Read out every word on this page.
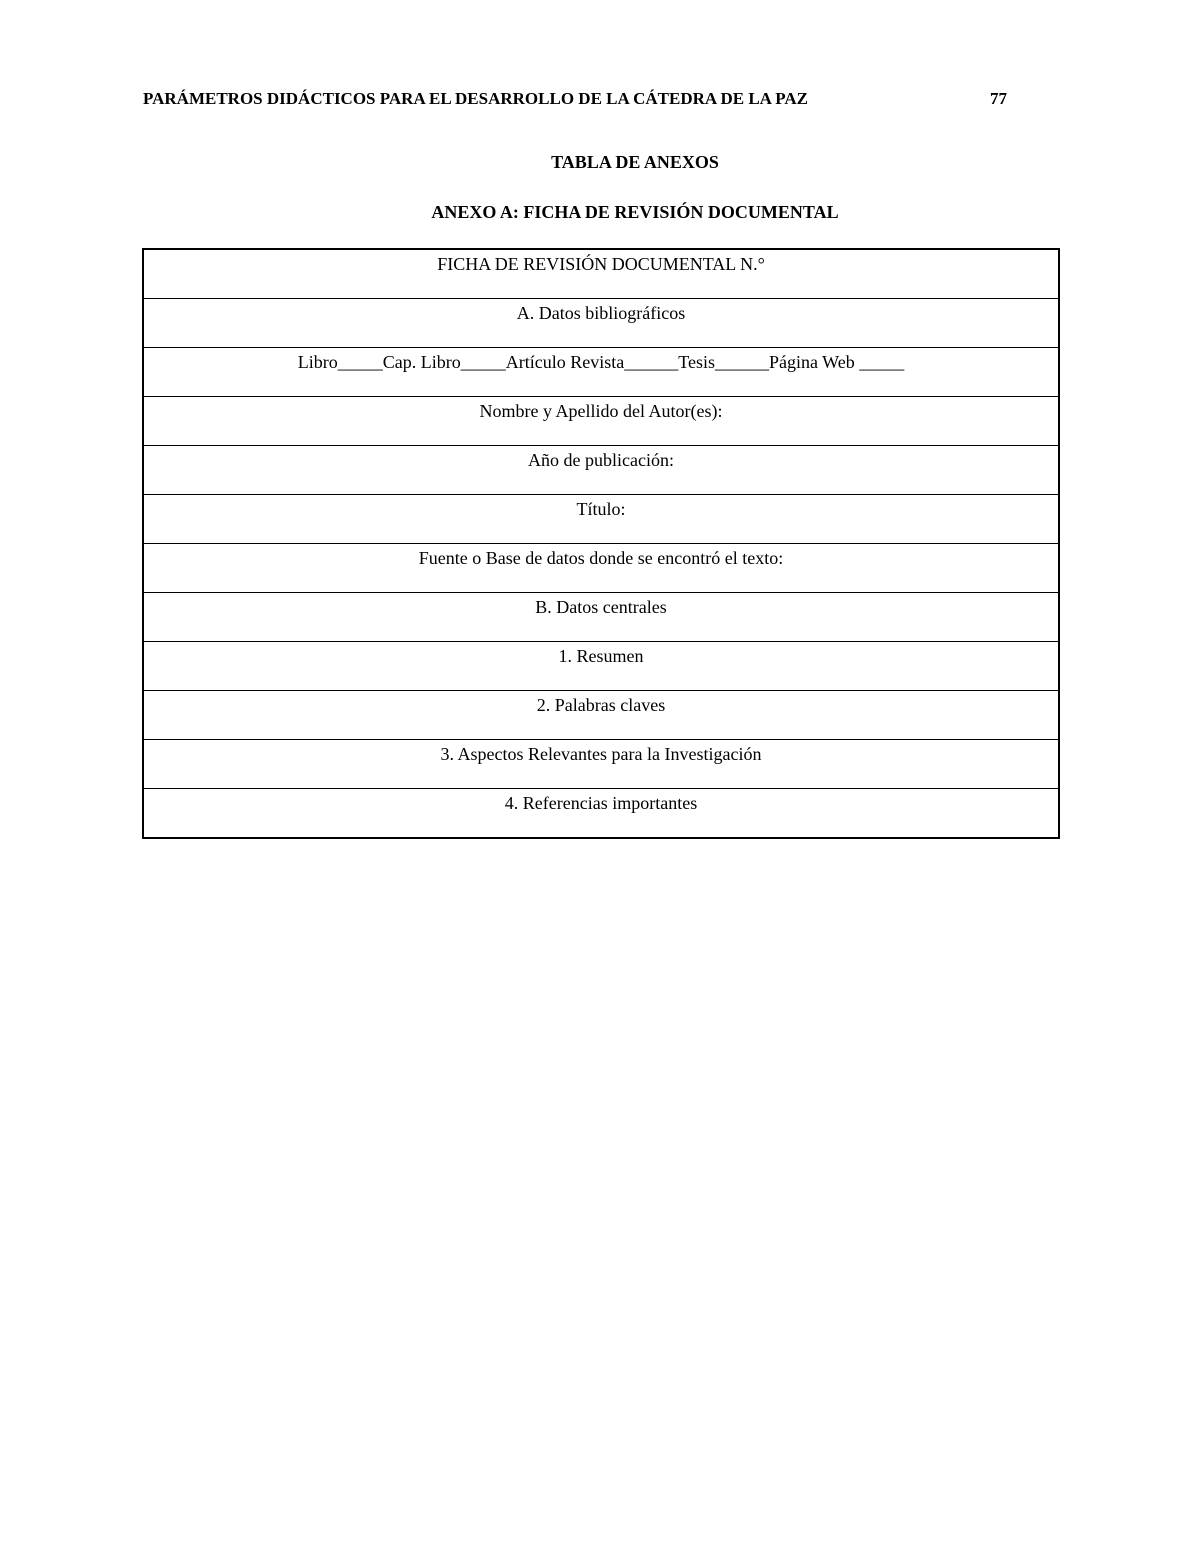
PARÁMETROS DIDÁCTICOS PARA EL DESARROLLO DE LA CÁTEDRA DE LA PAZ	77
TABLA DE ANEXOS
ANEXO A: FICHA DE REVISIÓN DOCUMENTAL
FICHA DE REVISIÓN DOCUMENTAL N.°
A. Datos bibliográficos
Libro_____Cap. Libro_____Artículo Revista______Tesis______Página Web _____
Nombre y Apellido del Autor(es):
Año de publicación:
Título:
Fuente o Base de datos donde se encontró el texto:
B. Datos centrales
1. Resumen
2. Palabras claves
3. Aspectos Relevantes para la Investigación
4. Referencias importantes
